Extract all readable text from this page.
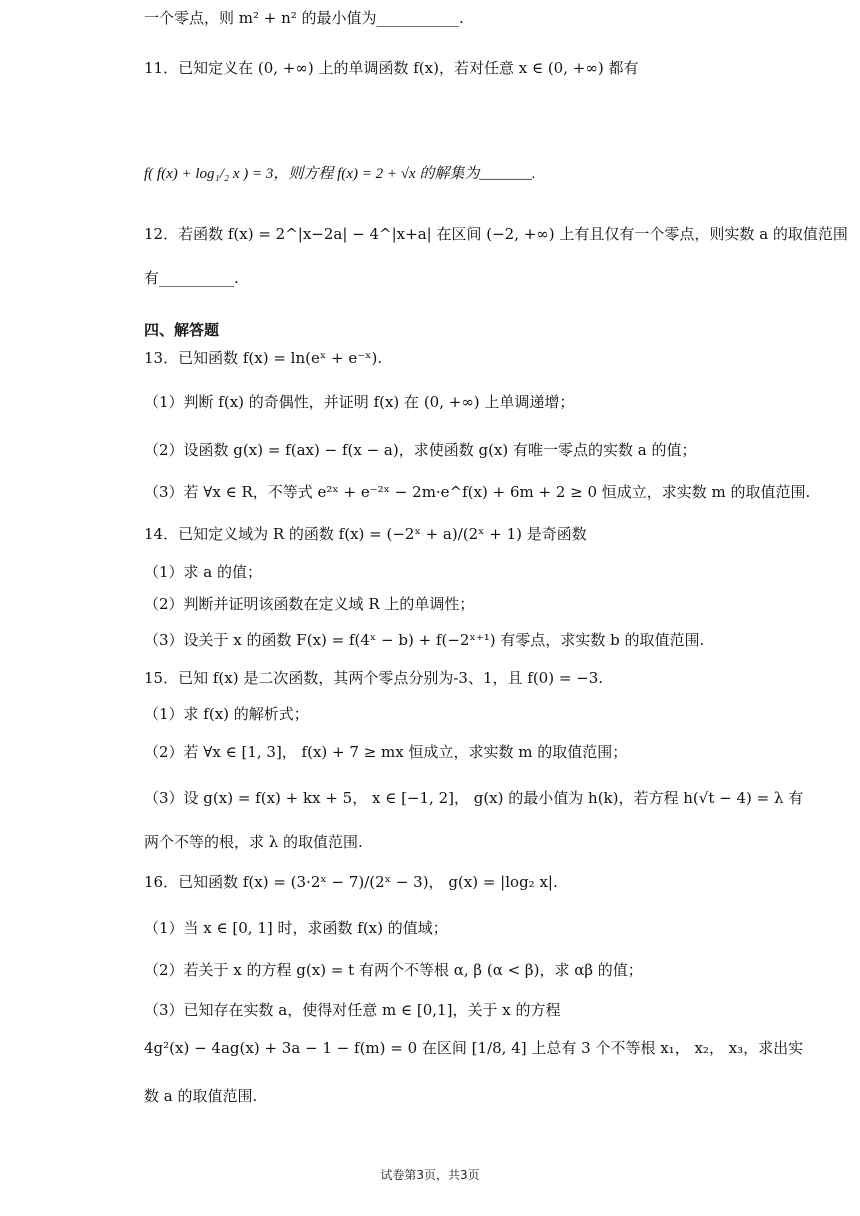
一个零点，则 m² + n² 的最小值为___________.
11．已知定义在 (0, +∞) 上的单调函数 f(x)，若对任意 x ∈ (0, +∞) 都有
f( f(x) + log₁/₂ x ) = 3，则方程 f(x) = 2 + √x 的解集为_______.
12．若函数 f(x) = 2^|x−2a| − 4^|x+a| 在区间 (−2, +∞) 上有且仅有一个零点，则实数 a 的取值范围
有__________.
四、解答题
13．已知函数 f(x) = ln(eˣ + e⁻ˣ).
（1）判断 f(x) 的奇偶性，并证明 f(x) 在 (0, +∞) 上单调递增；
（2）设函数 g(x) = f(ax) − f(x − a)，求使函数 g(x) 有唯一零点的实数 a 的值；
（3）若 ∀x ∈ R，不等式 e²ˣ + e⁻²ˣ − 2m·e^f(x) + 6m + 2 ≥ 0 恒成立，求实数 m 的取值范围.
14．已知定义域为 R 的函数 f(x) = (−2ˣ + a)/(2ˣ + 1) 是奇函数
（1）求 a 的值；
（2）判断并证明该函数在定义域 R 上的单调性；
（3）设关于 x 的函数 F(x) = f(4ˣ − b) + f(−2ˣ⁺¹) 有零点，求实数 b 的取值范围.
15．已知 f(x) 是二次函数，其两个零点分别为-3、1，且 f(0) = −3.
（1）求 f(x) 的解析式；
（2）若 ∀x ∈ [1, 3]， f(x) + 7 ≥ mx 恒成立，求实数 m 的取值范围；
（3）设 g(x) = f(x) + kx + 5， x ∈ [−1, 2]， g(x) 的最小值为 h(k)，若方程 h(√t − 4) = λ 有
两个不等的根，求 λ 的取值范围.
16．已知函数 f(x) = (3·2ˣ − 7)/(2ˣ − 3)， g(x) = |log₂ x|.
（1）当 x ∈ [0, 1] 时，求函数 f(x) 的值域；
（2）若关于 x 的方程 g(x) = t 有两个不等根 α, β (α < β)，求 αβ 的值；
（3）已知存在实数 a，使得对任意 m ∈ [0,1]，关于 x 的方程
4g²(x) − 4ag(x) + 3a − 1 − f(m) = 0 在区间 [1/8, 4] 上总有 3 个不等根 x₁， x₂， x₃，求出实
数 a 的取值范围.
试卷第3页，共3页
